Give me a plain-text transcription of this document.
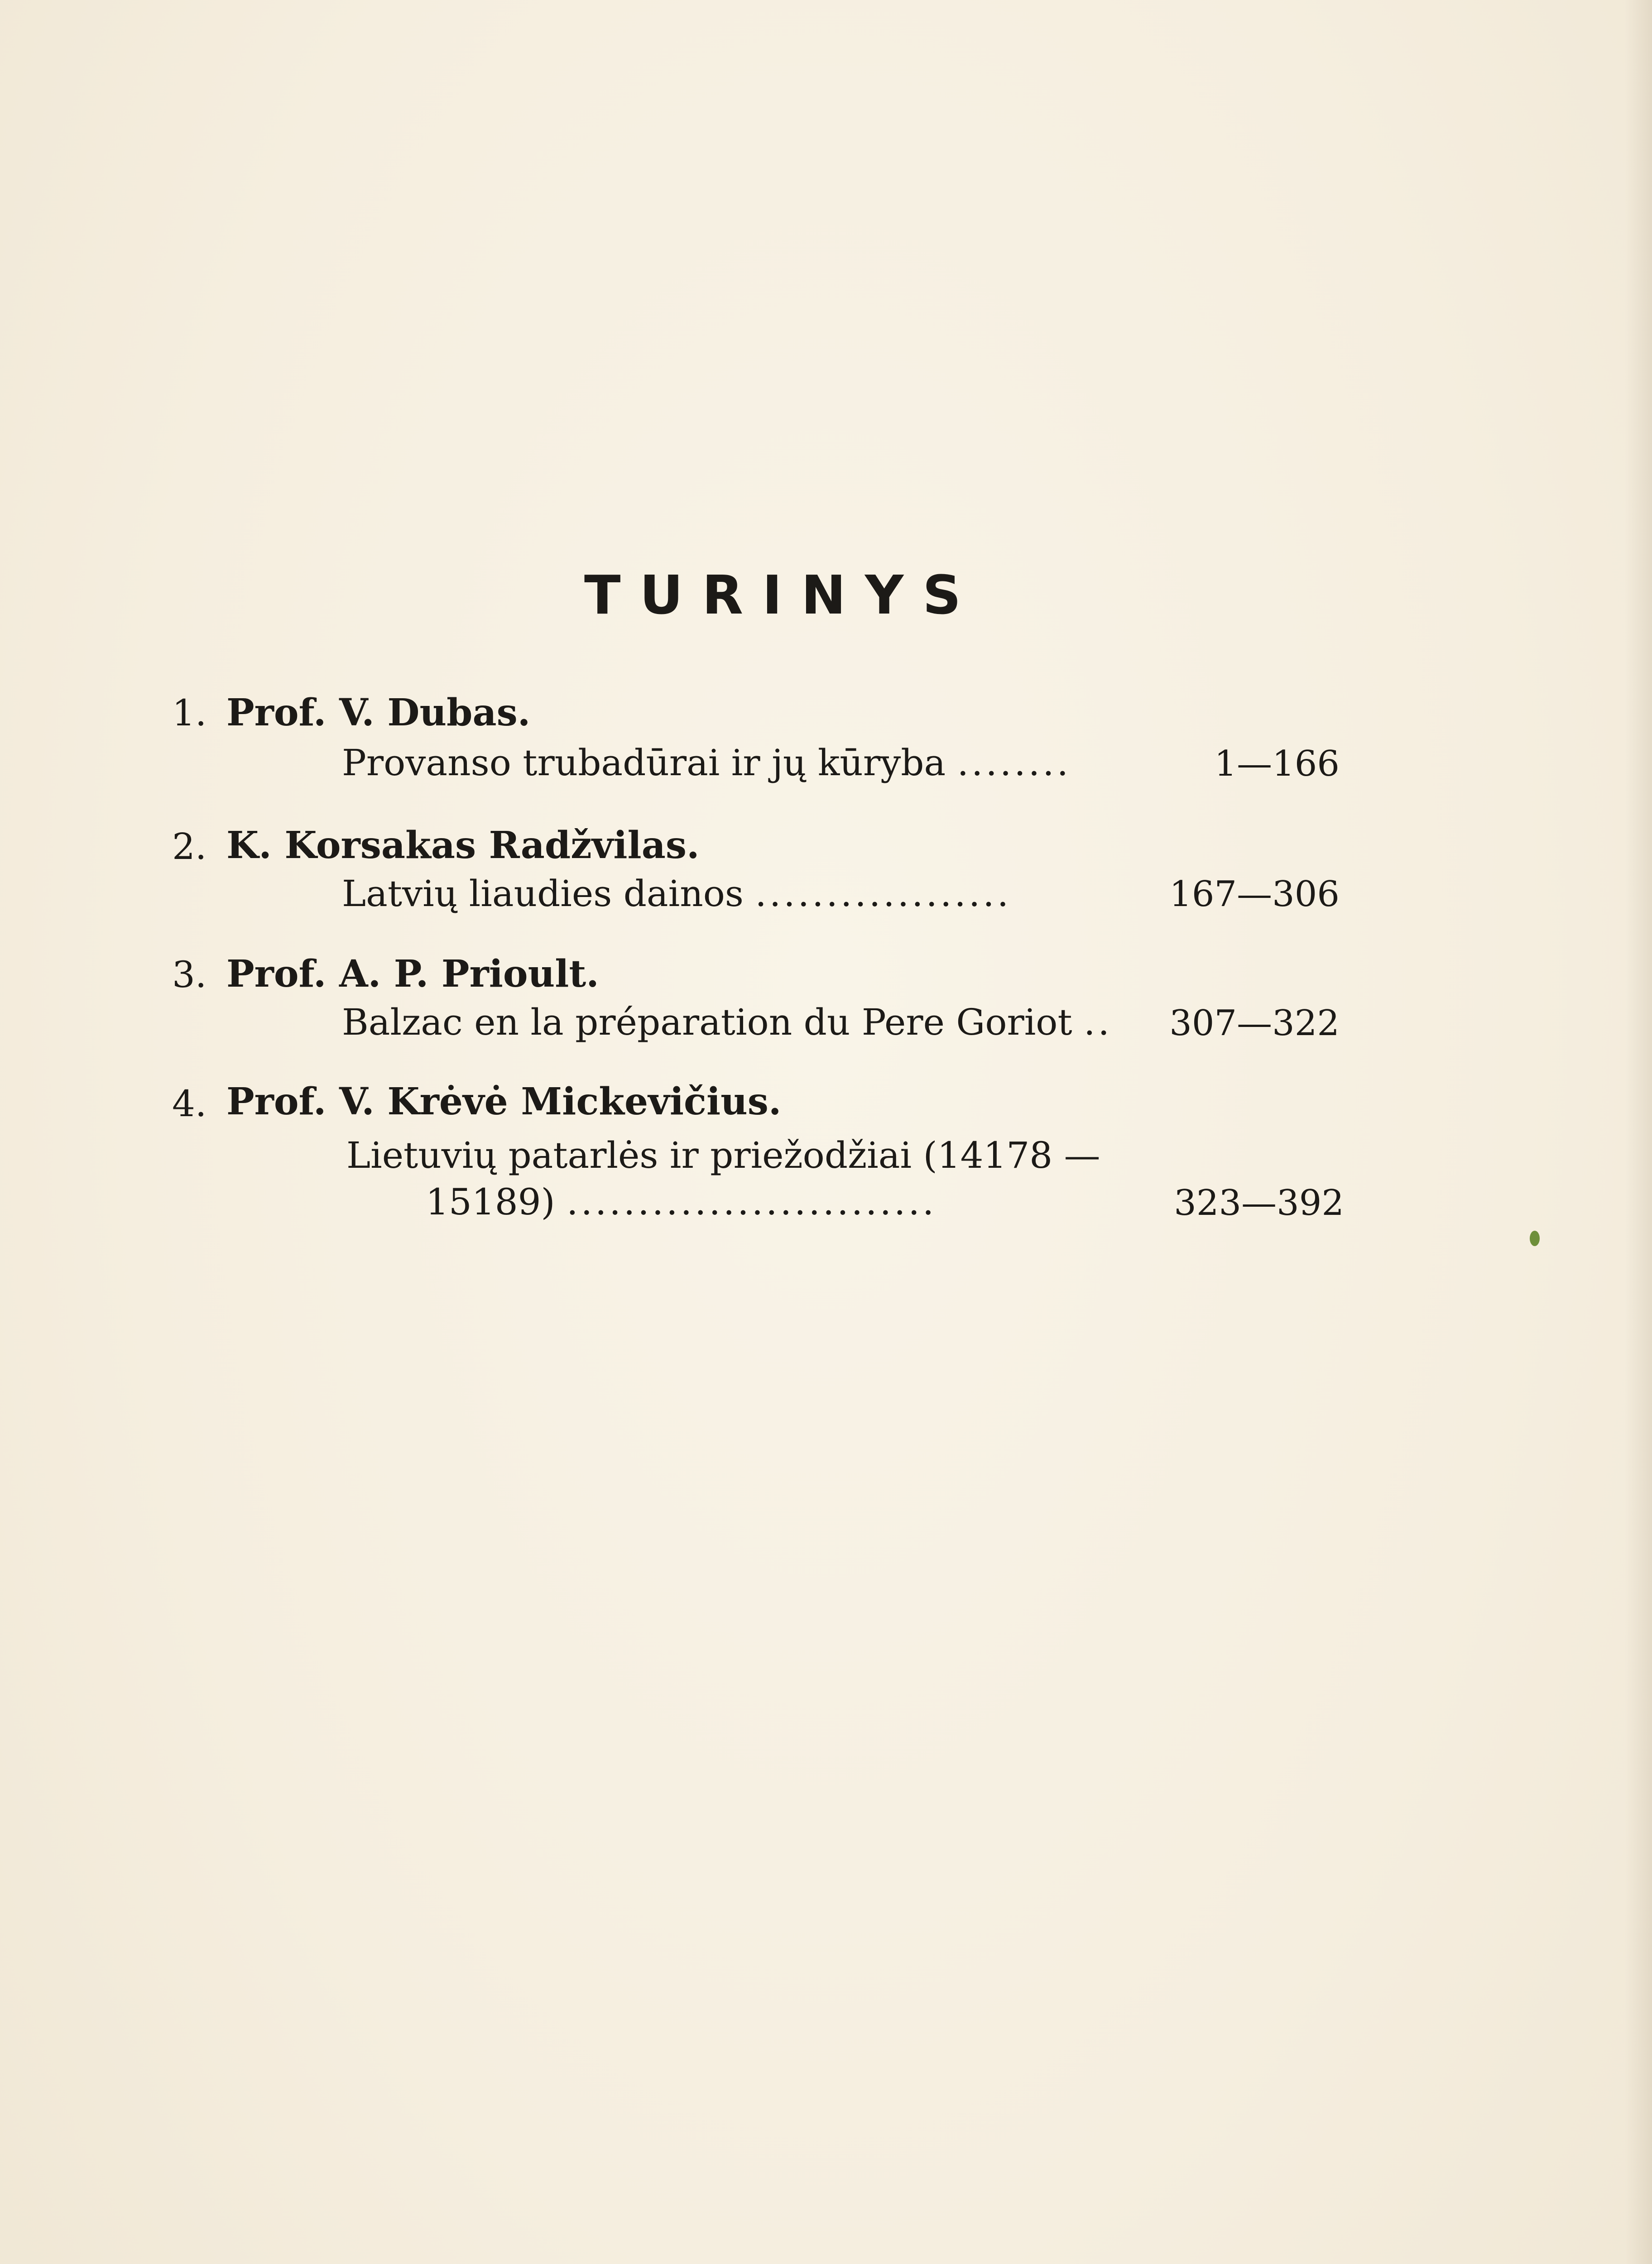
TURINYS
1. Prof. V. Dubas.
Provanso trubadūrai ir jų kūryba ........	1—166
2. K. Korsakas Radžvilas.
Latvių liaudies dainos ..................	167—306
3. Prof. A. P. Prioult.
Balzac en la préparation du Pere Goriot .. 307—322
4. Prof. V. Krėvė Mickevičius.
Lietuvių patarlės ir priežodžiai (14178 —
15189) ..........................	323—392
